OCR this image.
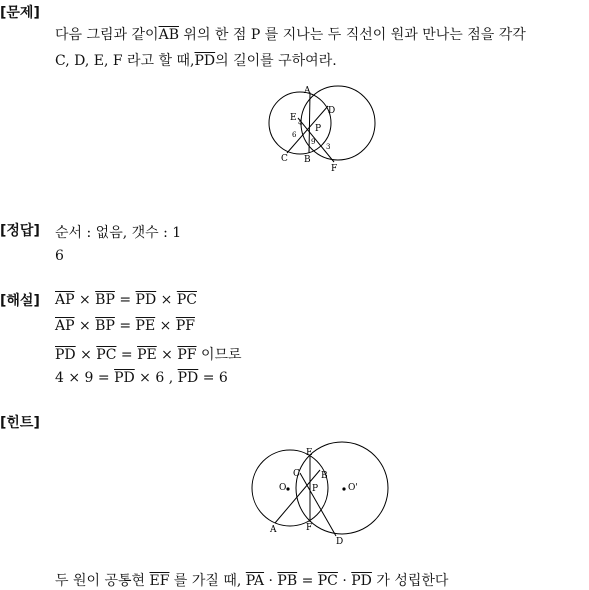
[문제]
다음 그림과 같이$\overline{AB}$ 위의 한 점 P 를 지나는 두 직선이 원과 만나는 점을 각각
C, D, E, F 라고 할 때$,\overline{PD}$의 길이를 구하여라.
A
D
E 4
P
6
9
3
C B
F
[정답] 순서 : 없음, 갯수 : 1
6
[해설] $\overline{AP} \times \overline{BP} = \overline{PD} \times \overline{PC}$
$\overline{AP} \times \overline{BP} = \overline{PE} \times \overline{PF}$
$\overline{PD} \times \overline{PC} = \overline{PE} \times \overline{PF}$ 이므로
$4 \times 9 = \overline{PD} \times 6$ , $\overline{PD} = 6$
[힌트]
E
C B
O	P	O'
A	F
D
두 원이 공통현 $\overline{EF}$ 를 가질 때, $\overline{PA} \cdot \overline{PB} = \overline{PC} \cdot \overline{PD}$ 가 성립한다
